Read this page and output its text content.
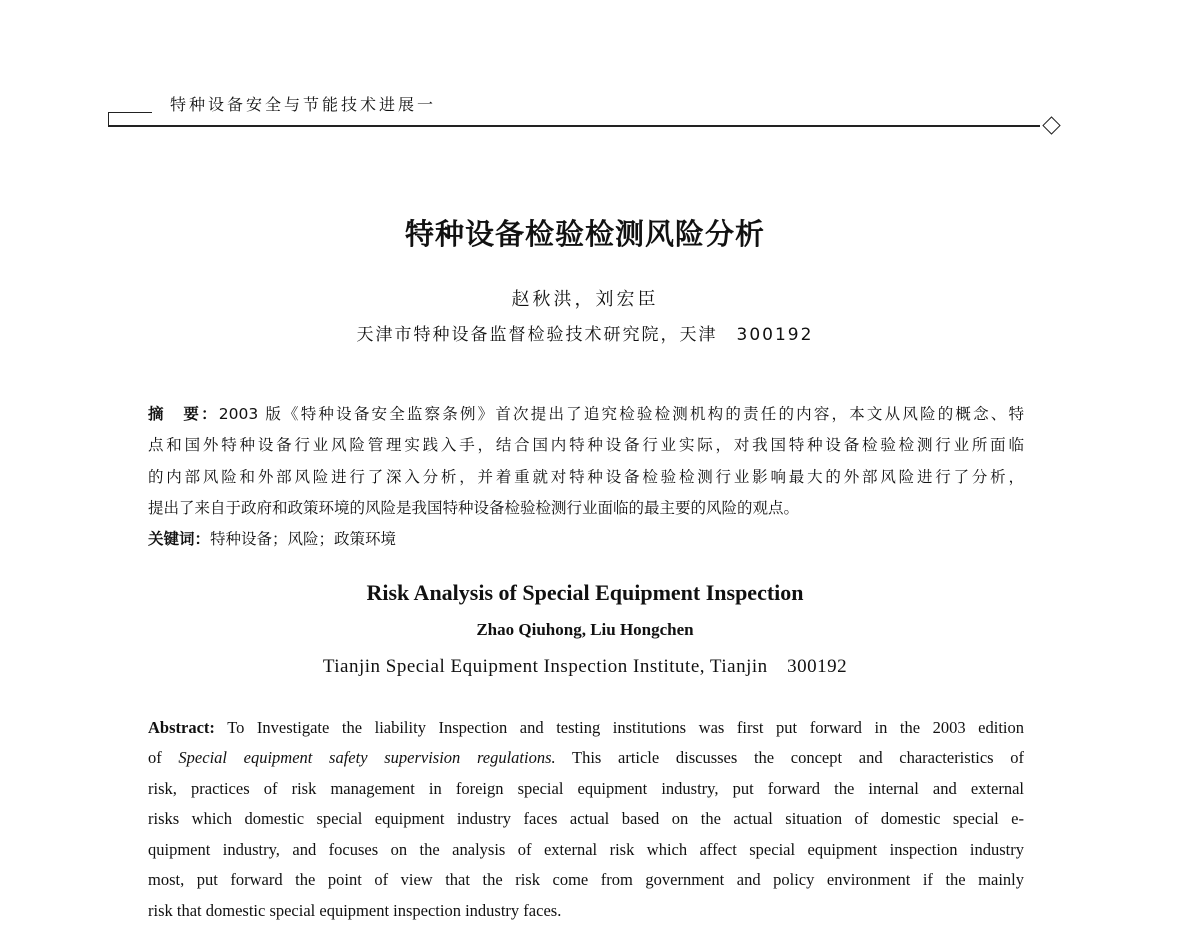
特种设备安全与节能技术进展一
特种设备检验检测风险分析
赵秋洪，刘宏臣
天津市特种设备监督检验技术研究院，天津　300192
摘　要：2003 版《特种设备安全监察条例》首次提出了追究检验检测机构的责任的内容，本文从风险的概念、特
点和国外特种设备行业风险管理实践入手，结合国内特种设备行业实际，对我国特种设备检验检测行业所面临
的内部风险和外部风险进行了深入分析，并着重就对特种设备检验检测行业影响最大的外部风险进行了分析，
提出了来自于政府和政策环境的风险是我国特种设备检验检测行业面临的最主要的风险的观点。
关键词：特种设备；风险；政策环境
Risk Analysis of Special Equipment Inspection
Zhao Qiuhong, Liu Hongchen
Tianjin Special Equipment Inspection Institute, Tianjin　300192
Abstract: To Investigate the liability Inspection and testing institutions was first put forward in the 2003 edition
of Special equipment safety supervision regulations. This article discusses the concept and characteristics of
risk, practices of risk management in foreign special equipment industry, put forward the internal and external
risks which domestic special equipment industry faces actual based on the actual situation of domestic special e-
quipment industry, and focuses on the analysis of external risk which affect special equipment inspection industry
most, put forward the point of view that the risk come from government and policy environment if the mainly
risk that domestic special equipment inspection industry faces.
